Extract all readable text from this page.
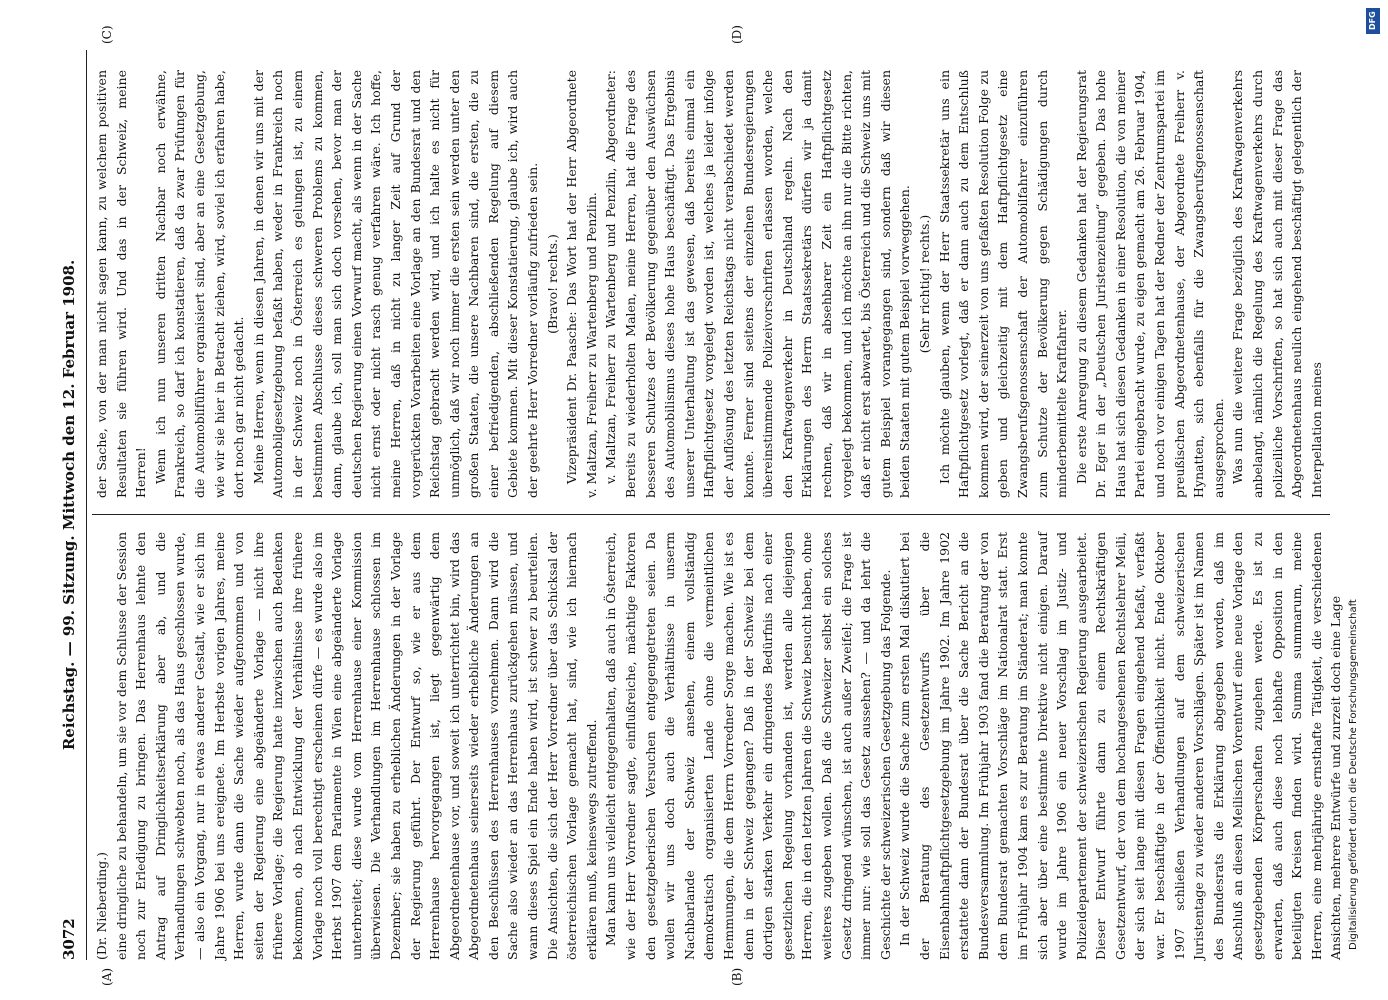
3072
Reichstag. — 99. Sitzung. Mittwoch den 12. Februar 1908.

(Dr. Nieberding.) eine dringliche zu behandeln, um sie vor dem Schlusse der Session noch zur Erledigung zu bringen. Das Herrenhaus lehnte den Antrag auf Dringlichkeitserklärung aber ab, und die Verhandlungen schwebten noch, als das Haus geschlossen wurde, — also ein Vorgang, nur in etwas anderer Gestalt, wie er sich im Jahre 1906 bei uns ereignete. Im Herbste vorigen Jahres, meine Herren, wurde dann die Sache wieder aufgenommen und von seiten der Regierung eine abgeänderte Vorlage — nicht ihre frühere Vorlage; die Regierung hatte inzwischen auch Bedenken bekommen, ob nach Entwicklung der Verhältnisse ihre frühere Vorlage noch voll berechtigt erscheinen dürfe — es wurde also im Herbst 1907 dem Parlamente in Wien eine abgeänderte Vorlage unterbreitet; diese wurde vom Herrenhause einer Kommission überwiesen. Die Verhandlungen im Herrenhause schlossen im Dezember; sie haben zu erheblichen Änderungen in der Vorlage der Regierung geführt. Der Entwurf so, wie er aus dem Herrenhause hervorgegangen ist, liegt gegenwärtig dem Abgeordnetenhause vor, und soweit ich unterrichtet bin, wird das Abgeordnetenhaus seinerseits wieder erhebliche Änderungen an den Beschlüssen des Herrenhauses vornehmen. Dann wird die Sache also wieder an das Herrenhaus zurückgehen müssen, und wann dieses Spiel ein Ende haben wird, ist schwer zu beurteilen. Die Ansichten, die sich der Herr Vorredner über das Schicksal der österreichischen Vorlage gemacht hat, sind, wie ich hiernach erklären muß, keineswegs zutreffend. Man kann uns vielleicht entgegenhalten, daß auch in Österreich, wie der Herr Vorredner sagte, einflußreiche, mächtige Faktoren den gesetzgeberischen Versuchen entgegengetreten seien. Da wollen wir uns doch auch die Verhältnisse in unserm Nachbarlande der Schweiz ansehen, einem vollständig demokratisch organisierten Lande ohne die vermeintlichen Hemmungen, die dem Herrn Vorredner Sorge machen. Wie ist es denn in der Schweiz gegangen? Daß in der Schweiz bei dem dortigen starken Verkehr ein dringendes Bedürfnis nach einer gesetzlichen Regelung vorhanden ist, werden alle diejenigen Herren, die in den letzten Jahren die Schweiz besucht haben, ohne weiteres zugeben wollen. Daß die Schweizer selbst ein solches Gesetz dringend wünschen, ist auch außer Zweifel; die Frage ist immer nur: wie soll das Gesetz aussehen? — und da lehrt die Geschichte der schweizerischen Gesetzgebung das Folgende. In der Schweiz wurde die Sache zum ersten Mal diskutiert bei der Beratung des Gesetzentwurfs über die Eisenbahnhaftpflichtgesetzgebung im Jahre 1902. Im Jahre 1902 erstattete dann der Bundesrat über die Sache Bericht an die Bundesversammlung. Im Frühjahr 1903 fand die Beratung der von dem Bundesrat gemachten Vorschläge im Nationalrat statt. Erst im Frühjahr 1904 kam es zur Beratung im Ständerat; man konnte sich aber über eine bestimmte Direktive nicht einigen. Darauf wurde im Jahre 1906 ein neuer Vorschlag im Justiz- und Polizeidepartement der schweizerischen Regierung ausgearbeitet. Dieser Entwurf führte dann zu einem Rechtskräftigen Gesetzentwurf, der von dem hochangesehenen Rechtslehrer Meili, der sich seit lange mit diesen Fragen eingehend befaßt, verfaßt war. Er beschäftigte in der Öffentlichkeit nicht. Ende Oktober 1907 schließen Verhandlungen auf dem schweizerischen Juristentage zu wieder anderen Vorschlägen. Später ist im Namen des Bundesrats die Erklärung abgegeben worden, daß im Anschluß an diesen Meilischen Vorentwurf eine neue Vorlage den gesetzgebenden Körperschaften zugehen werde. Es ist zu erwarten, daß auch diese noch lebhafte Opposition in den beteiligten Kreisen finden wird. Summa summarum, meine Herren, eine mehrjährige ernsthafte Tätigkeit, die verschiedenen Ansichten, mehrere Entwürfe und zurzeit doch eine Lage

der Sache, von der man nicht sagen kann, zu welchem positiven Resultaten sie führen wird. Und das in der Schweiz, meine Herren! Wenn ich nun unseren dritten Nachbar noch erwähne, Frankreich, so darf ich konstatieren, daß da zwar Prüfungen für die Automobilführer organisiert sind, aber an eine Gesetzgebung, wie wir sie hier in Betracht ziehen, wird, soviel ich erfahren habe, dort noch gar nicht gedacht. Meine Herren, wenn in diesen Jahren, in denen wir uns mit der Automobilgesetzgebung befaßt haben, weder in Frankreich noch in der Schweiz noch in Österreich es gelungen ist, zu einem bestimmten Abschlusse dieses schweren Problems zu kommen, dann, glaube ich, soll man sich doch vorsehen, bevor man der deutschen Regierung einen Vorwurf macht, als wenn in der Sache nicht ernst oder nicht rasch genug verfahren wäre. Ich hoffe, meine Herren, daß in nicht zu langer Zeit auf Grund der vorgerückten Vorarbeiten eine Vorlage an den Bundesrat und den Reichstag gebracht werden wird, und ich halte es nicht für unmöglich, daß wir noch immer die ersten sein werden unter den großen Staaten, die unsere Nachbaren sind, die ersten, die zu einer befriedigenden, abschließenden Regelung auf diesem Gebiete kommen. Mit dieser Konstatierung, glaube ich, wird auch der geehrte Herr Vorredner vorläufig zufrieden sein. (Bravo! rechts.) Vizepräsident Dr. Paasche: Das Wort hat der Herr Abgeordnete v. Maltzan, Freiherr zu Wartenberg und Penzlin. v. Maltzan, Freiherr zu Wartenberg und Penzlin, Abgeordneter: Bereits zu wiederholten Malen, meine Herren, hat die Frage des besseren Schutzes der Bevölkerung gegenüber den Auswüchsen des Automobilismus dieses hohe Haus beschäftigt. Das Ergebnis unserer Unterhaltung ist das gewesen, daß bereits einmal ein Haftpflichtgesetz vorgelegt worden ist, welches ja leider infolge der Auflösung des letzten Reichstags nicht verabschiedet werden konnte. Ferner sind seitens der einzelnen Bundesregierungen übereinstimmende Polizeivorschriften erlassen worden, welche den Kraftwagenverkehr in Deutschland regeln. Nach den Erklärungen des Herrn Staatssekretärs dürfen wir ja damit rechnen, daß wir in absehbarer Zeit ein Haftpflichtgesetz vorgelegt bekommen, und ich möchte an ihn nur die Bitte richten, daß er nicht erst abwartet, bis Österreich und die Schweiz uns mit gutem Beispiel vorangegangen sind, sondern daß wir diesen beiden Staaten mit gutem Beispiel vorweggehen. (Sehr richtig! rechts.) Ich möchte glauben, wenn der Herr Staatssekretär uns ein Haftpflichtgesetz vorlegt, daß er dann auch zu dem Entschluß kommen wird, der seinerzeit von uns gefaßten Resolution Folge zu geben und gleichzeitig mit dem Haftpflichtgesetz eine Zwangsberufsgenossenschaft der Automobilfahrer einzuführen zum Schutze der Bevölkerung gegen Schädigungen durch minderbemittelte Kraftfahrer. Die erste Anregung zu diesem Gedanken hat der Regierungsrat Dr. Eger in der „Deutschen Juristenzeitung“ gegeben. Das hohe Haus hat sich diesen Gedanken in einer Resolution, die von meiner Partei eingebracht wurde, zu eigen gemacht am 26. Februar 1904, und noch vor einigen Tagen hat der Redner der Zentrumspartei im preußischen Abgeordnetenhause, der Abgeordnete Freiherr v. Hynatten, sich ebenfalls für die Zwangsberufsgenossenschaft ausgesprochen. Was nun die weitere Frage bezüglich des Kraftwagenverkehrs anbelangt, nämlich die Regelung des Kraftwagenverkehrs durch polizeiliche Vorschriften, so hat sich auch mit dieser Frage das Abgeordnetenhaus neulich eingehend beschäftigt gelegentlich der Interpellation meines

(A)	(B)
(C)	(D)
Digitalisierung gefördert durch die Deutsche Forschungsgemeinschaft
DFG
